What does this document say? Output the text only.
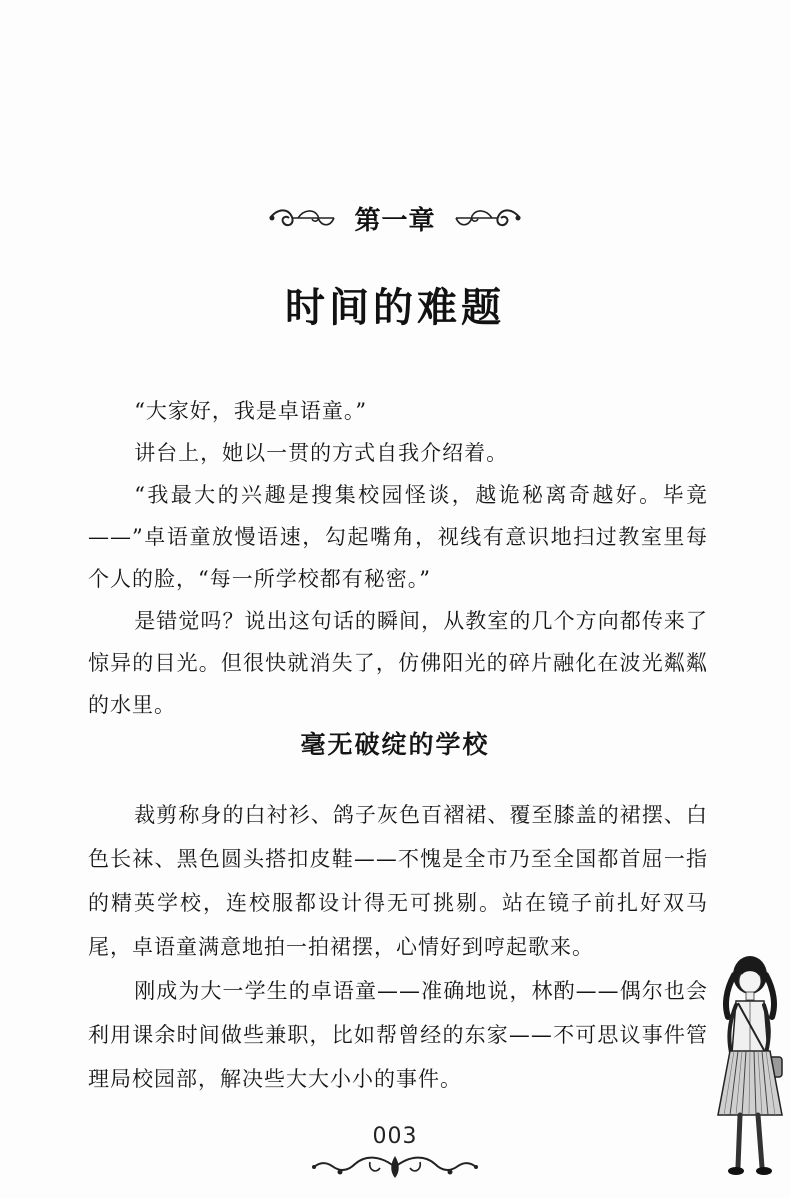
第一章
时间的难题

“大家好，我是卓语童。”

讲台上，她以一贯的方式自我介绍着。

“我最大的兴趣是搜集校园怪谈，越诡秘离奇越好。毕竟——”卓语童放慢语速，勾起嘴角，视线有意识地扫过教室里每个人的脸，“每一所学校都有秘密。”

是错觉吗？说出这句话的瞬间，从教室的几个方向都传来了惊异的目光。但很快就消失了，仿佛阳光的碎片融化在波光粼粼的水里。

毫无破绽的学校

裁剪称身的白衬衫、鸽子灰色百褶裙、覆至膝盖的裙摆、白色长袜、黑色圆头搭扣皮鞋——不愧是全市乃至全国都首屈一指的精英学校，连校服都设计得无可挑剔。站在镜子前扎好双马尾，卓语童满意地拍一拍裙摆，心情好到哼起歌来。

刚成为大一学生的卓语童——准确地说，林酌——偶尔也会利用课余时间做些兼职，比如帮曾经的东家——不可思议事件管理局校园部，解决些大大小小的事件。

003
